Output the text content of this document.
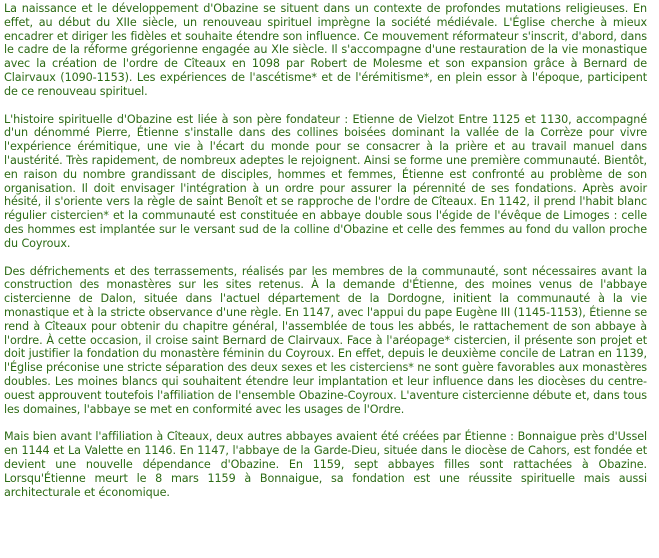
La naissance et le développement d'Obazine se situent dans un contexte de profondes mutations religieuses. En effet, au début du XIIe siècle, un renouveau spirituel imprègne la société médiévale. L'Église cherche à mieux encadrer et diriger les fidèles et souhaite étendre son influence. Ce mouvement réformateur s'inscrit, d'abord, dans le cadre de la réforme grégorienne engagée au XIe siècle. Il s'accompagne d'une restauration de la vie monastique avec la création de l'ordre de Cîteaux en 1098 par Robert de Molesme et son expansion grâce à Bernard de Clairvaux (1090-1153). Les expériences de l'ascétisme* et de l'érémitisme*, en plein essor à l'époque, participent de ce renouveau spirituel.

L'histoire spirituelle d'Obazine est liée à son père fondateur : Etienne de Vielzot Entre 1125 et 1130, accompagné d'un dénommé Pierre, Étienne s'installe dans des collines boisées dominant la vallée de la Corrèze pour vivre l'expérience érémitique, une vie à l'écart du monde pour se consacrer à la prière et au travail manuel dans l'austérité. Très rapidement, de nombreux adeptes le rejoignent. Ainsi se forme une première communauté. Bientôt, en raison du nombre grandissant de disciples, hommes et femmes, Étienne est confronté au problème de son organisation. Il doit envisager l'intégration à un ordre pour assurer la pérennité de ses fondations. Après avoir hésité, il s'oriente vers la règle de saint Benoît et se rapproche de l'ordre de Cîteaux. En 1142, il prend l'habit blanc régulier cistercien* et la communauté est constituée en abbaye double sous l'égide de l'évêque de Limoges : celle des hommes est implantée sur le versant sud de la colline d'Obazine et celle des femmes au fond du vallon proche du Coyroux.

Des défrichements et des terrassements, réalisés par les membres de la communauté, sont nécessaires avant la construction des monastères sur les sites retenus. À la demande d'Étienne, des moines venus de l'abbaye cistercienne de Dalon, située dans l'actuel département de la Dordogne, initient la communauté à la vie monastique et à la stricte observance d'une règle. En 1147, avec l'appui du pape Eugène III (1145-1153), Étienne se rend à Cîteaux pour obtenir du chapitre général, l'assemblée de tous les abbés, le rattachement de son abbaye à l'ordre. À cette occasion, il croise saint Bernard de Clairvaux. Face à l'aréopage* cistercien, il présente son projet et doit justifier la fondation du monastère féminin du Coyroux. En effet, depuis le deuxième concile de Latran en 1139, l'Église préconise une stricte séparation des deux sexes et les cisterciens* ne sont guère favorables aux monastères doubles. Les moines blancs qui souhaitent étendre leur implantation et leur influence dans les diocèses du centre-ouest approuvent toutefois l'affiliation de l'ensemble Obazine-Coyroux. L'aventure cistercienne débute et, dans tous les domaines, l'abbaye se met en conformité avec les usages de l'Ordre.

Mais bien avant l'affiliation à Cîteaux, deux autres abbayes avaient été créées par Étienne : Bonnaigue près d'Ussel en 1144 et La Valette en 1146. En 1147, l'abbaye de la Garde-Dieu, située dans le diocèse de Cahors, est fondée et devient une nouvelle dépendance d'Obazine. En 1159, sept abbayes filles sont rattachées à Obazine. Lorsqu'Étienne meurt le 8 mars 1159 à Bonnaigue, sa fondation est une réussite spirituelle mais aussi architecturale et économique.
